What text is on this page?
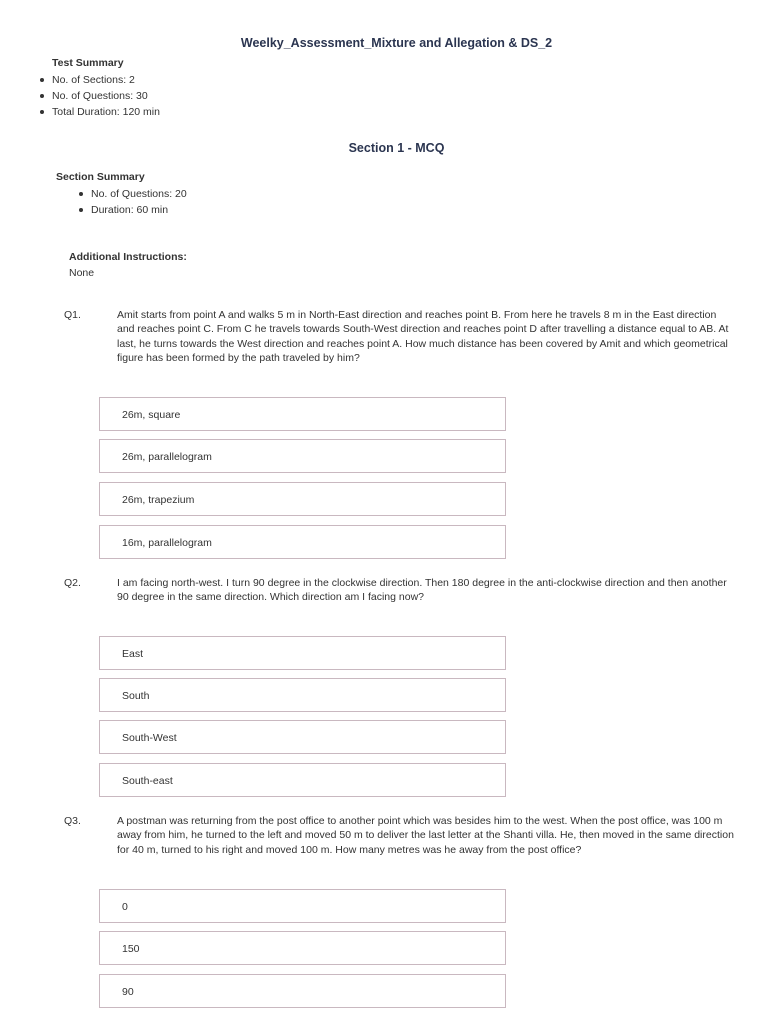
Weelky_Assessment_Mixture and Allegation & DS_2
Test Summary
No. of Sections: 2
No. of Questions: 30
Total Duration: 120 min
Section 1 - MCQ
Section Summary
No. of Questions: 20
Duration: 60 min
Additional Instructions:
None
Q1.	Amit starts from point A and walks 5 m in North-East direction and reaches point B. From here he travels 8 m in the East direction and reaches point C. From C he travels towards South-West direction and reaches point D after travelling a distance equal to AB. At last, he turns towards the West direction and reaches point A. How much distance has been covered by Amit and which geometrical figure has been formed by the path traveled by him?
26m, square
26m, parallelogram
26m, trapezium
16m, parallelogram
Q2.	I am facing north-west. I turn 90 degree in the clockwise direction. Then 180 degree in the anti-clockwise direction and then another 90 degree in the same direction. Which direction am I facing now?
East
South
South-West
South-east
Q3.	A postman was returning from the post office to another point which was besides him to the west. When the post office, was 100 m away from him, he turned to the left and moved 50 m to deliver the last letter at the Shanti villa. He, then moved in the same direction for 40 m, turned to his right and moved 100 m. How many metres was he away from the post office?
0
150
90
